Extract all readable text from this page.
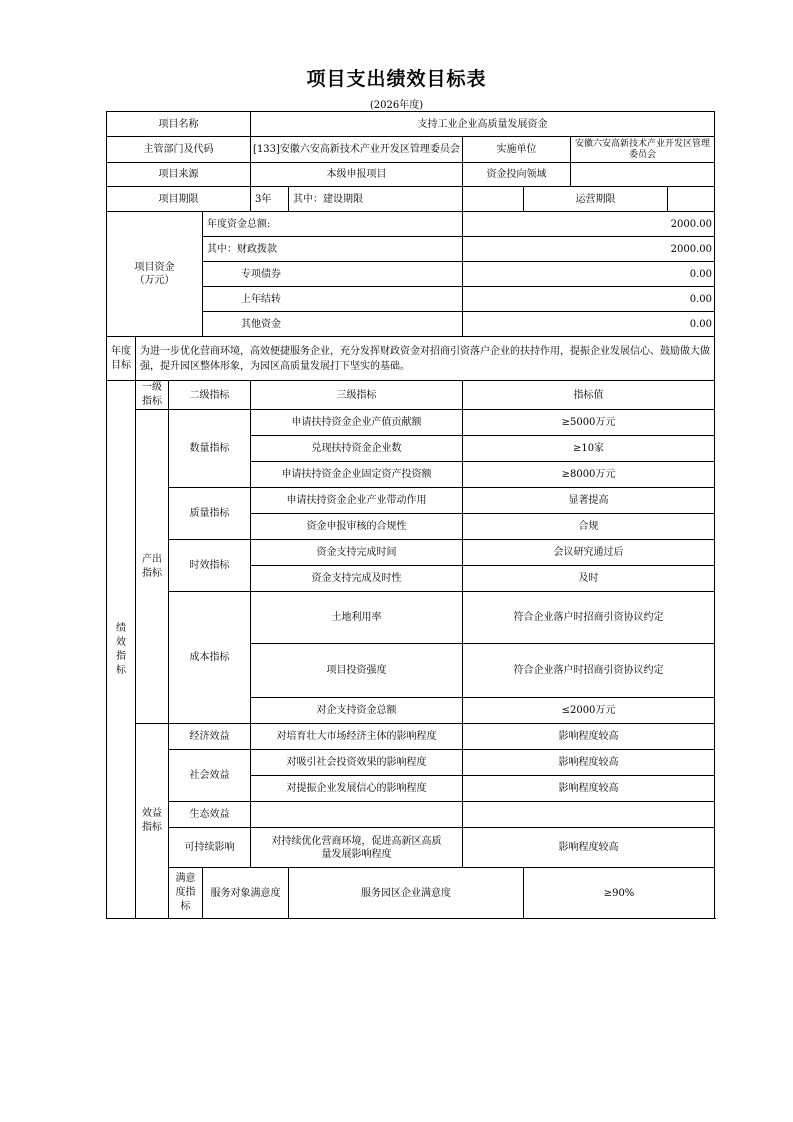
项目支出绩效目标表
(2026年度)
项目名称				支持工业企业高质量发展资金					
主管部门及代码				[133]安徽六安高新技术产业开发区管理委员会		实施单位		安徽六安高新技术产业开发区管理委员会	
项目来源				本级申报项目		资金投向领域			
项目期限				3年	其中：建设期限		运营期限		

项目资金（万元）			年度资金总额:			2000.00			
			其中：财政拨款			2000.00			
			专项债券			0.00			
			上年结转			0.00			
			其他资金			0.00			

年度目标	为进一步优化营商环境，高效便捷服务企业，充分发挥财政资金对招商引资落户企业的扶持作用，提振企业发展信心、鼓励做大做强，提升园区整体形象，为园区高质量发展打下坚实的基础。								

绩效指标	一级指标	二级指标		三级指标		指标值			

	产出指标	数量指标		申请扶持资金企业产值贡献额		≥5000万元			
				兑现扶持资金企业数		≥10家			
				申请扶持资金企业固定资产投资额		≥8000万元			
		质量指标		申请扶持资金企业产业带动作用		显著提高			
				资金申报审核的合规性		合规			
		时效指标		资金支持完成时间		会议研究通过后			
				资金支持完成及时性		及时			
		成本指标		土地利用率		符合企业落户时招商引资协议约定			
				项目投资强度		符合企业落户时招商引资协议约定			
				对企支持资金总额		≤2000万元			

	效益指标	经济效益		对培育壮大市场经济主体的影响程度		影响程度较高			
		社会效益		对吸引社会投资效果的影响程度		影响程度较高			
				对提振企业发展信心的影响程度		影响程度较高			
		生态效益							
		可持续影响		对持续优化营商环境，促进高新区高质量发展影响程度		影响程度较高			

		满意度指标	服务对象满意度		服务园区企业满意度		≥90%		
